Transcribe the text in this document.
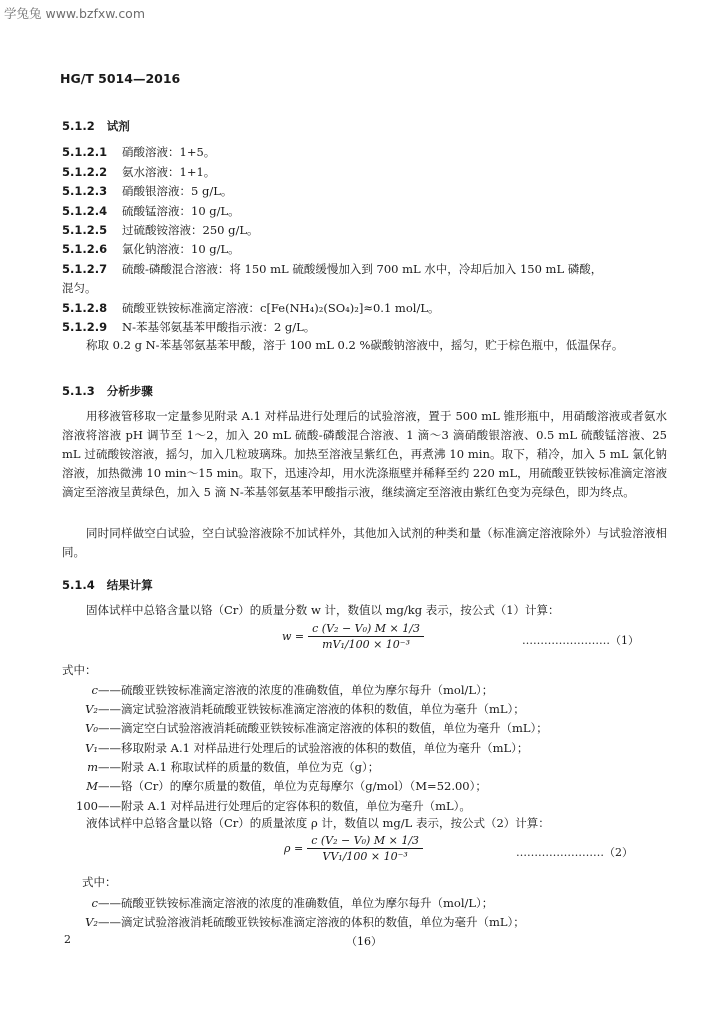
学兔兔 www.bzfxw.com
HG/T 5014—2016
5.1.2 试剂
5.1.2.1 硝酸溶液：1+5。
5.1.2.2 氨水溶液：1+1。
5.1.2.3 硝酸银溶液：5 g/L。
5.1.2.4 硫酸锰溶液：10 g/L。
5.1.2.5 过硫酸铵溶液：250 g/L。
5.1.2.6 氯化钠溶液：10 g/L。
5.1.2.7 硫酸-磷酸混合溶液：将 150 mL 硫酸缓慢加入到 700 mL 水中，冷却后加入 150 mL 磷酸，
混匀。
5.1.2.8 硫酸亚铁铵标准滴定溶液：c[Fe(NH₄)₂(SO₄)₂]≈0.1 mol/L。
5.1.2.9 N-苯基邻氨基苯甲酸指示液：2 g/L。
称取 0.2 g N-苯基邻氨基苯甲酸，溶于 100 mL 0.2 %碳酸钠溶液中，摇匀，贮于棕色瓶中，低温保存。
5.1.3 分析步骤
用移液管移取一定量参见附录 A.1 对样品进行处理后的试验溶液，置于 500 mL 锥形瓶中，用硝酸溶液或者氨水溶液将溶液 pH 调节至 1～2，加入 20 mL 硫酸-磷酸混合溶液、1 滴～3 滴硝酸银溶液、0.5 mL 硫酸锰溶液、25 mL 过硫酸铵溶液，摇匀，加入几粒玻璃珠。加热至溶液呈紫红色，再煮沸 10 min。取下，稍冷，加入 5 mL 氯化钠溶液，加热微沸 10 min～15 min。取下，迅速冷却，用水洗涤瓶壁并稀释至约 220 mL，用硫酸亚铁铵标准滴定溶液滴定至溶液呈黄绿色，加入 5 滴 N-苯基邻氨基苯甲酸指示液，继续滴定至溶液由紫红色变为亮绿色，即为终点。
同时同样做空白试验，空白试验溶液除不加试样外，其他加入试剂的种类和量（标准滴定溶液除外）与试验溶液相同。
5.1.4 结果计算
固体试样中总铬含量以铬（Cr）的质量分数 w 计，数值以 mg/kg 表示，按公式（1）计算：
$w = \frac{\text{c (V₂ − V₀) M × 1/3}}{\text{mV₁/100 × 10⁻³}}$	……………………（1）
式中：
c——硫酸亚铁铵标准滴定溶液的浓度的准确数值，单位为摩尔每升（mol/L）；
V₂——滴定试验溶液消耗硫酸亚铁铵标准滴定溶液的体积的数值，单位为毫升（mL）；
V₀——滴定空白试验溶液消耗硫酸亚铁铵标准滴定溶液的体积的数值，单位为毫升（mL）；
V₁——移取附录 A.1 对样品进行处理后的试验溶液的体积的数值，单位为毫升（mL）；
m——附录 A.1 称取试样的质量的数值，单位为克（g）；
M——铬（Cr）的摩尔质量的数值，单位为克每摩尔（g/mol）（M=52.00）；
100——附录 A.1 对样品进行处理后的定容体积的数值，单位为毫升（mL）。
液体试样中总铬含量以铬（Cr）的质量浓度 ρ 计，数值以 mg/L 表示，按公式（2）计算：
$\rho = \frac{\text{c (V₂ − V₀) M × 1/3}}{\text{VV₁/100 × 10⁻³}}$	……………………（2）
式中：
c——硫酸亚铁铵标准滴定溶液的浓度的准确数值，单位为摩尔每升（mol/L）；
V₂——滴定试验溶液消耗硫酸亚铁铵标准滴定溶液的体积的数值，单位为毫升（mL）；
2	（16）
